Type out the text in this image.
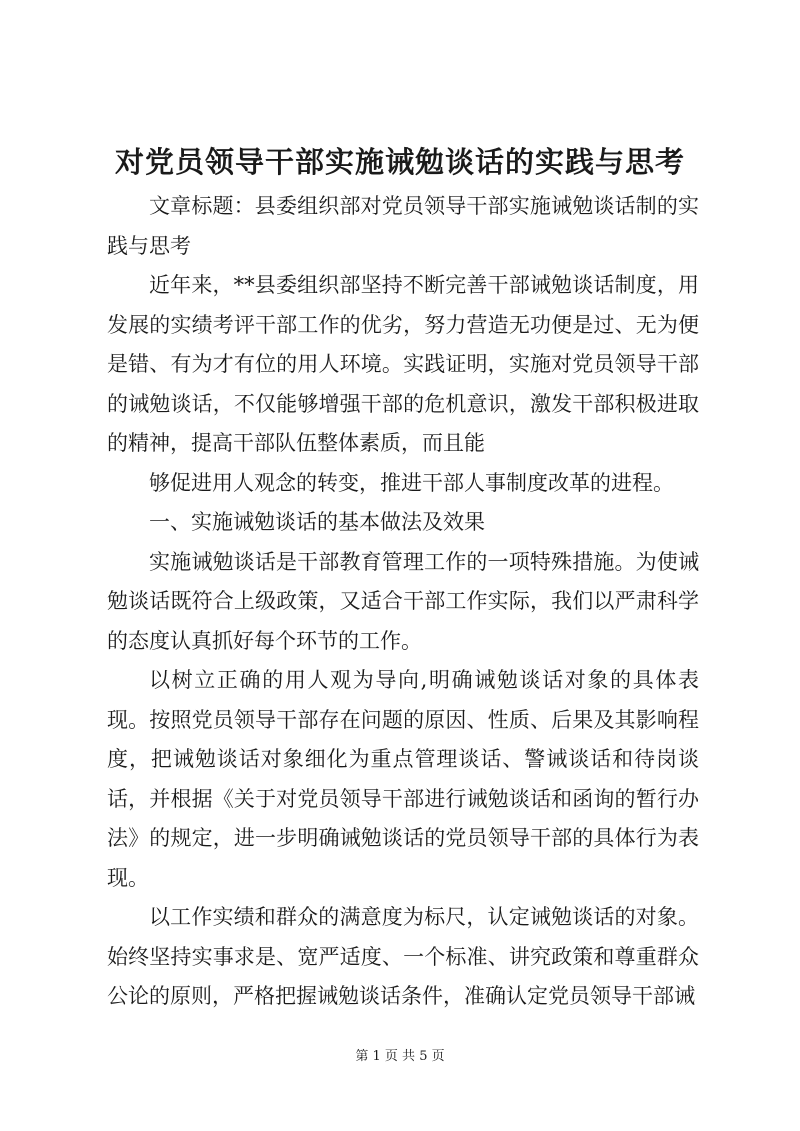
对党员领导干部实施诫勉谈话的实践与思考

文章标题：县委组织部对党员领导干部实施诫勉谈话制的实践与思考

近年来，**县委组织部坚持不断完善干部诫勉谈话制度，用发展的实绩考评干部工作的优劣，努力营造无功便是过、无为便是错、有为才有位的用人环境。实践证明，实施对党员领导干部的诫勉谈话，不仅能够增强干部的危机意识，激发干部积极进取的精神，提高干部队伍整体素质，而且能

够促进用人观念的转变，推进干部人事制度改革的进程。

一、实施诫勉谈话的基本做法及效果

实施诫勉谈话是干部教育管理工作的一项特殊措施。为使诫勉谈话既符合上级政策，又适合干部工作实际，我们以严肃科学的态度认真抓好每个环节的工作。

以树立正确的用人观为导向,明确诫勉谈话对象的具体表现。按照党员领导干部存在问题的原因、性质、后果及其影响程度，把诫勉谈话对象细化为重点管理谈话、警诫谈话和待岗谈话，并根据《关于对党员领导干部进行诫勉谈话和函询的暂行办法》的规定，进一步明确诫勉谈话的党员领导干部的具体行为表现。

以工作实绩和群众的满意度为标尺，认定诫勉谈话的对象。始终坚持实事求是、宽严适度、一个标准、讲究政策和尊重群众公论的原则，严格把握诫勉谈话条件，准确认定党员领导干部诫

第 1 页 共 5 页
